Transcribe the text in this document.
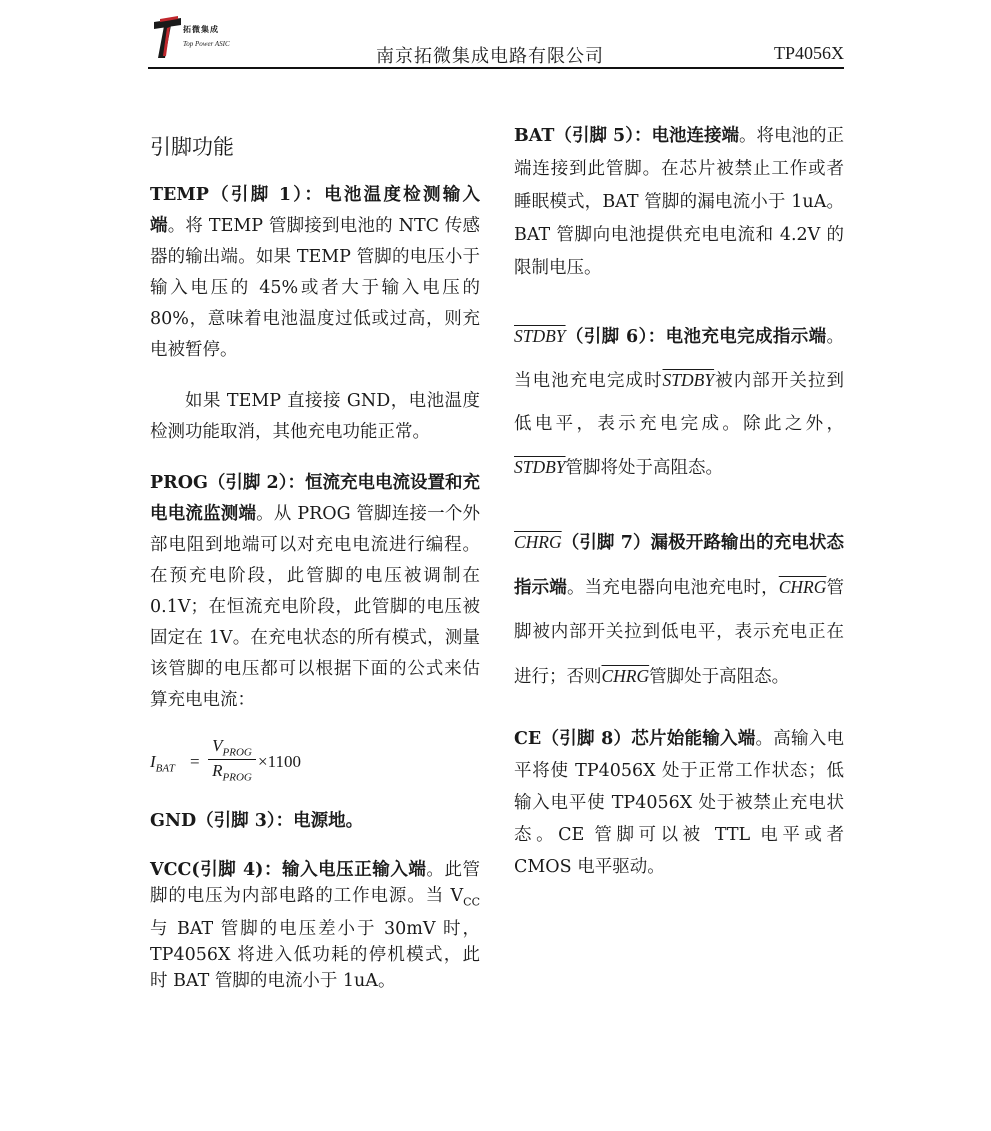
拓微集成
Top Power ASIC
南京拓微集成电路有限公司	TP4056X
引脚功能

TEMP（引脚 1）：电池温度检测输入端。将 TEMP 管脚接到电池的 NTC 传感器的输出端。如果 TEMP 管脚的电压小于输入电压的 45%或者大于输入电压的 80%，意味着电池温度过低或过高，则充电被暂停。

如果 TEMP 直接接 GND，电池温度检测功能取消，其他充电功能正常。

PROG（引脚 2）：恒流充电电流设置和充电电流监测端。从 PROG 管脚连接一个外部电阻到地端可以对充电电流进行编程。在预充电阶段，此管脚的电压被调制在 0.1V；在恒流充电阶段，此管脚的电压被固定在 1V。在充电状态的所有模式，测量该管脚的电压都可以根据下面的公式来估算充电电流：

$I_{BAT}$ =
$V_{PROG}$
$R_{PROG}$
×1100

GND（引脚 3）：电源地。

VCC(引脚 4)：输入电压正输入端。此管脚的电压为内部电路的工作电源。当 $V_{CC}$ 与 BAT 管脚的电压差小于 30mV 时，TP4056X 将进入低功耗的停机模式，此时 BAT 管脚的电流小于 1uA。

BAT（引脚 5）：电池连接端。将电池的正端连接到此管脚。在芯片被禁止工作或者睡眠模式，BAT 管脚的漏电流小于 1uA。BAT 管脚向电池提供充电电流和 4.2V 的限制电压。

STDBY（引脚 6）：电池充电完成指示端。当电池充电完成时STDBY被内部开关拉到低电平，表示充电完成。除此之外，STDBY管脚将处于高阻态。

CHRG（引脚 7）漏极开路输出的充电状态指示端。当充电器向电池充电时，CHRG管脚被内部开关拉到低电平，表示充电正在进行；否则CHRG管脚处于高阻态。

CE（引脚 8）芯片始能输入端。高输入电平将使 TP4056X 处于正常工作状态；低输入电平使 TP4056X 处于被禁止充电状态。CE 管脚可以被 TTL 电平或者 CMOS 电平驱动。
